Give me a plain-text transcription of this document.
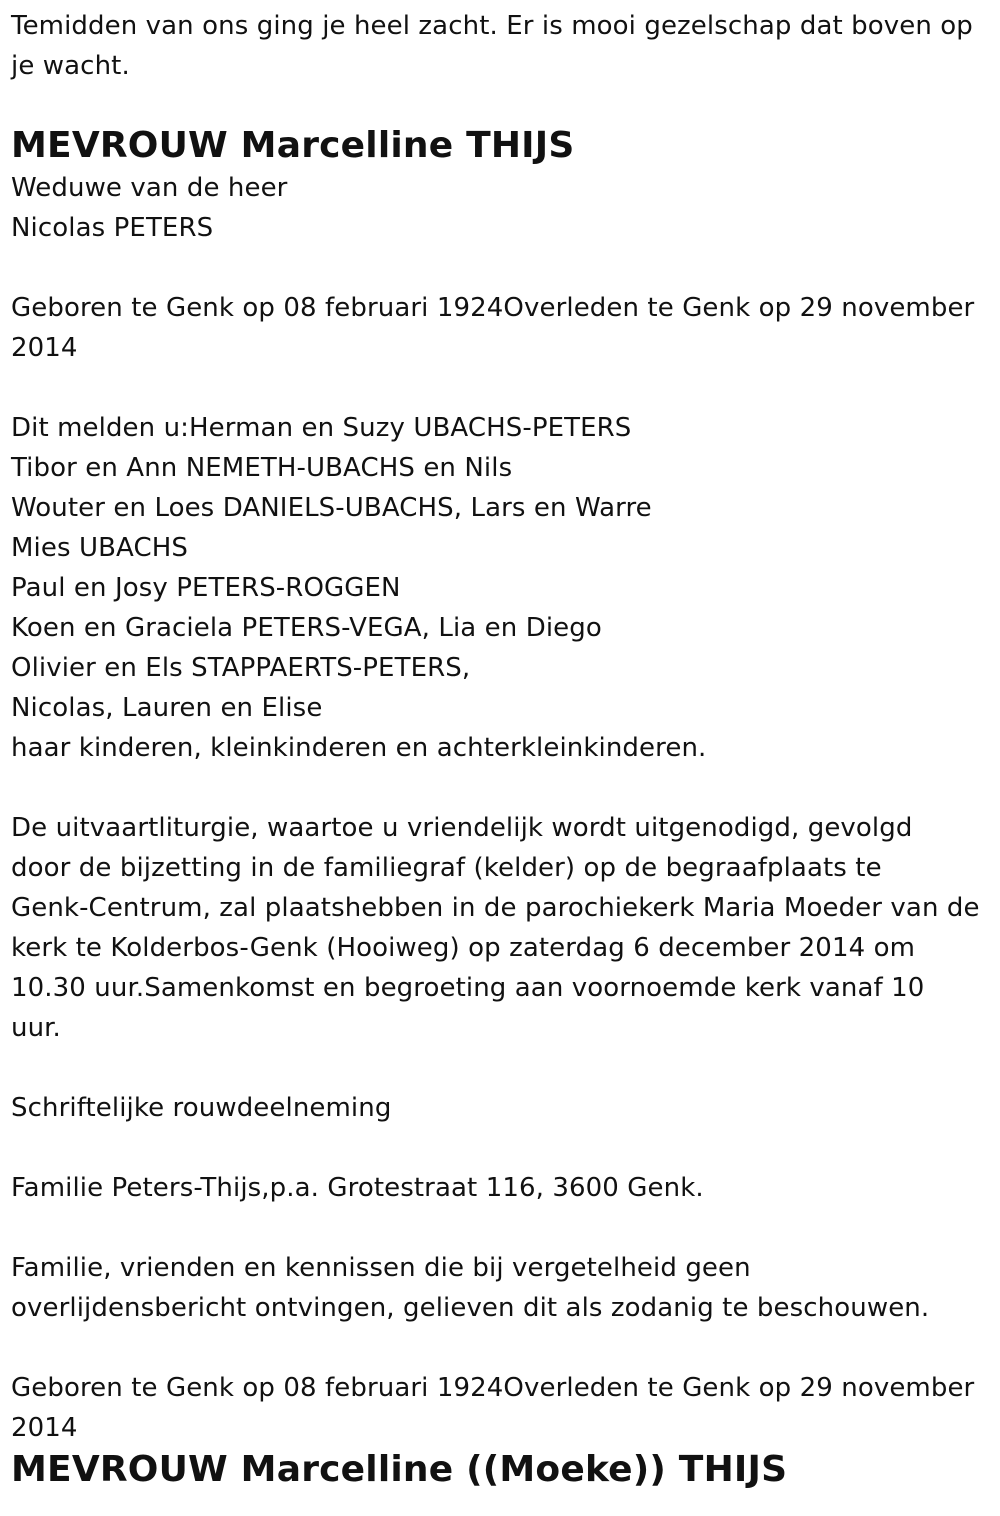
Temidden van ons ging je heel zacht. Er is mooi gezelschap dat boven op
je wacht.
MEVROUW Marcelline THIJS
Weduwe van de heer
Nicolas PETERS
Geboren te Genk op 08 februari 1924Overleden te Genk op 29 november
2014
Dit melden u:Herman en Suzy UBACHS-PETERS
Tibor en Ann NEMETH-UBACHS en Nils
Wouter en Loes DANIELS-UBACHS, Lars en Warre
Mies UBACHS
Paul en Josy PETERS-ROGGEN
Koen en Graciela PETERS-VEGA, Lia en Diego
Olivier en Els STAPPAERTS-PETERS,
Nicolas, Lauren en Elise
haar kinderen, kleinkinderen en achterkleinkinderen.
De uitvaartliturgie, waartoe u vriendelijk wordt uitgenodigd, gevolgd
door de bijzetting in de familiegraf (kelder) op de begraafplaats te
Genk-Centrum, zal plaatshebben in de parochiekerk Maria Moeder van de
kerk te Kolderbos-Genk (Hooiweg) op zaterdag 6 december 2014 om
10.30 uur.Samenkomst en begroeting aan voornoemde kerk vanaf 10
uur.
Schriftelijke rouwdeelneming
Familie Peters-Thijs,p.a. Grotestraat 116, 3600 Genk.
Familie, vrienden en kennissen die bij vergetelheid geen
overlijdensbericht ontvingen, gelieven dit als zodanig te beschouwen.
Geboren te Genk op 08 februari 1924Overleden te Genk op 29 november
2014
MEVROUW Marcelline ((Moeke)) THIJS
